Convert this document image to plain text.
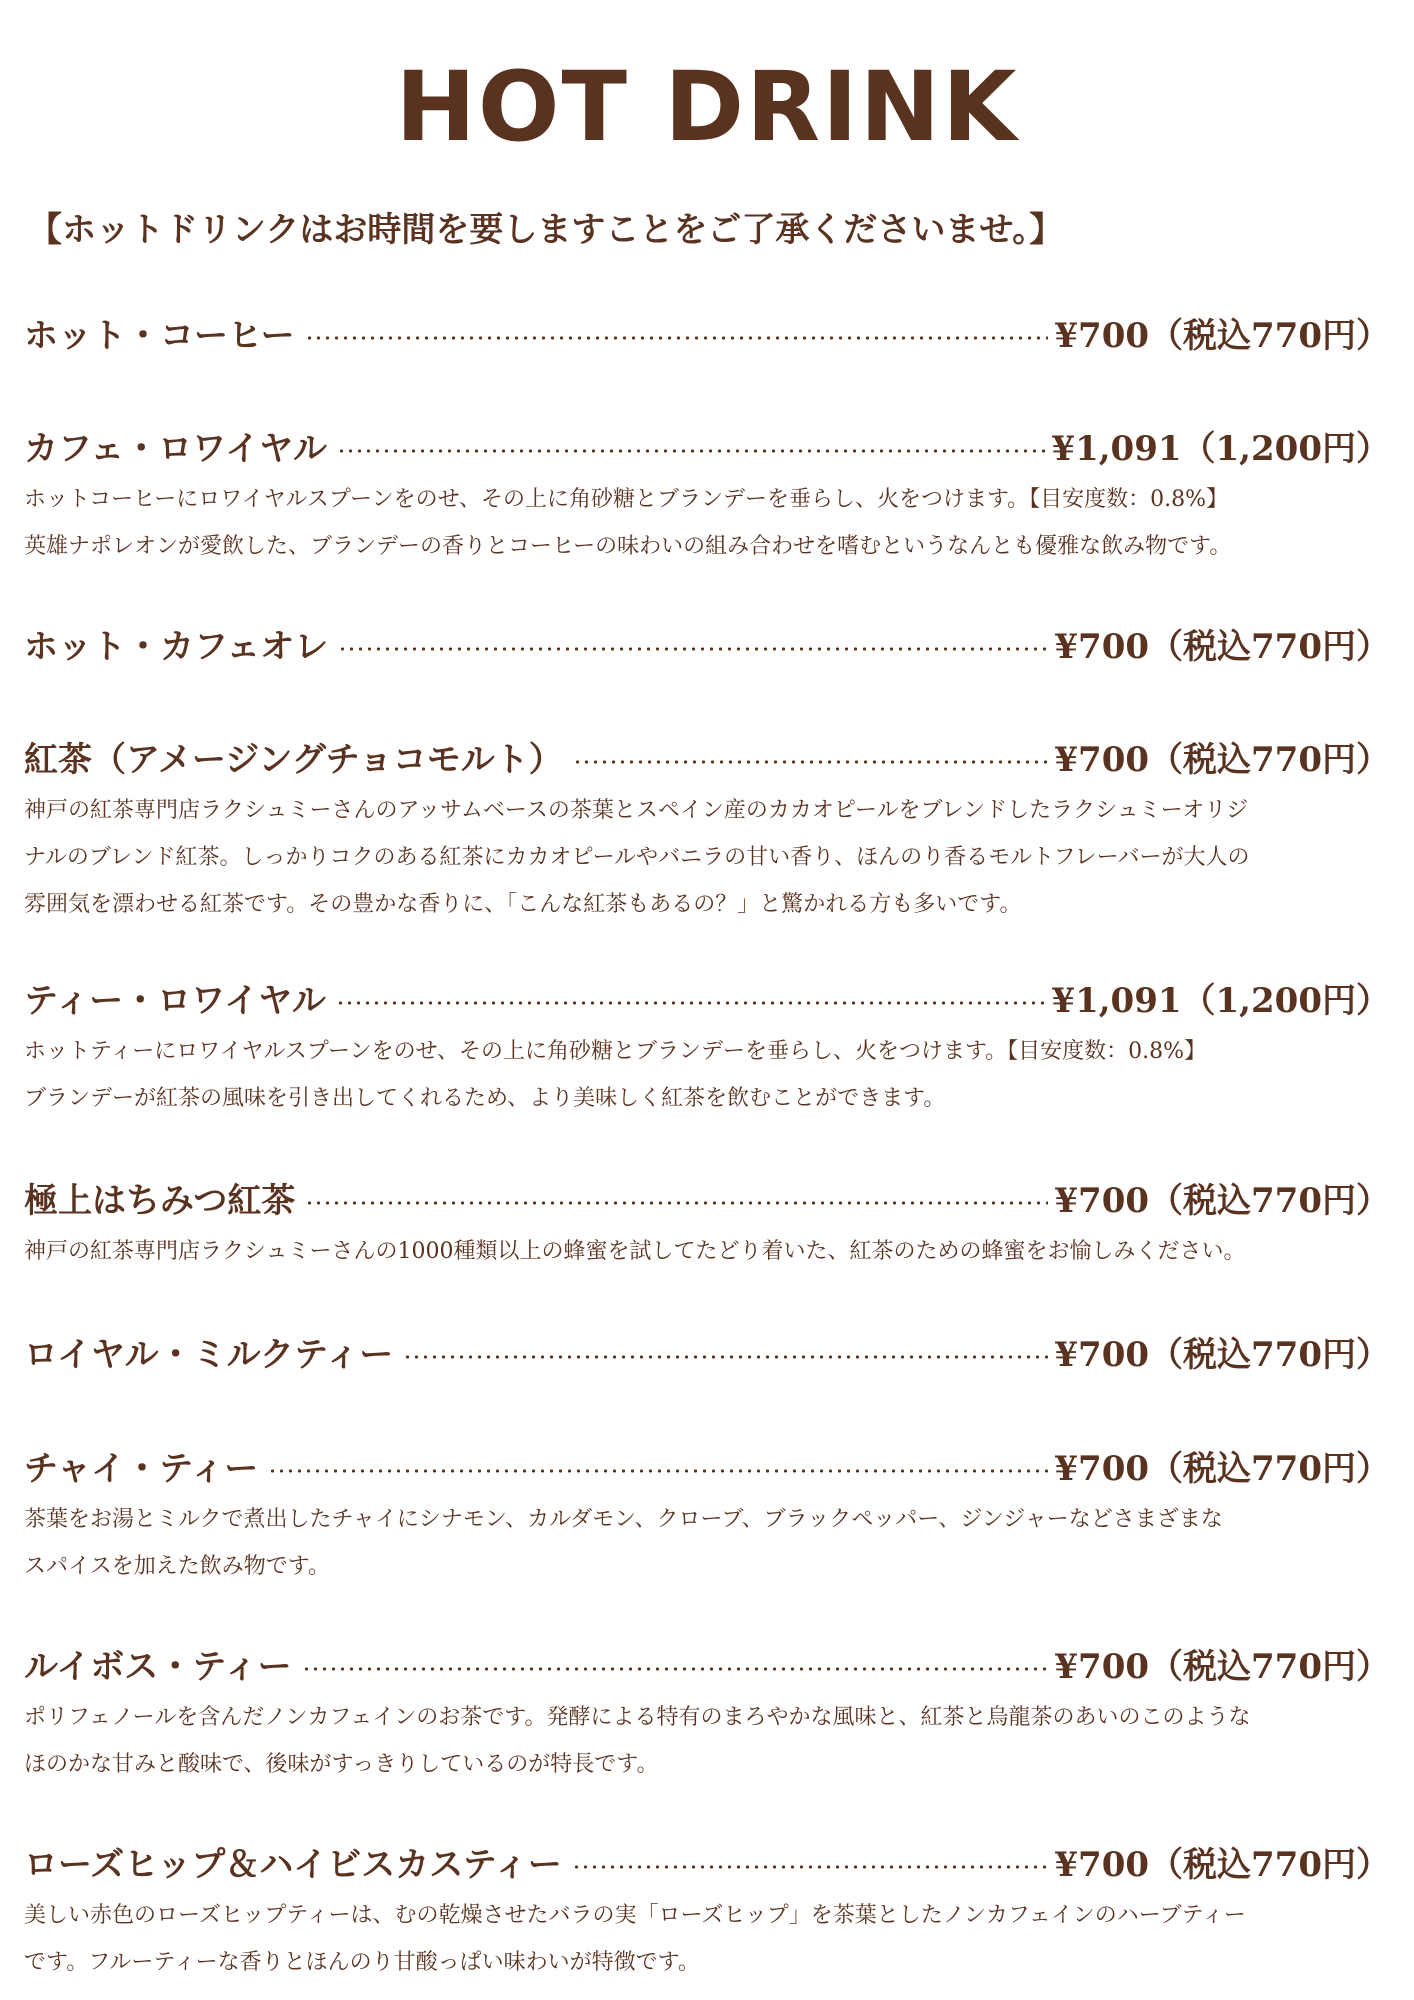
HOT DRINK
【ホットドリンクはお時間を要しますことをご了承くださいませ。】
ホット・コーヒー	¥700（税込770円）
カフェ・ロワイヤル	¥1,091（1,200円）
ホットコーヒーにロワイヤルスプーンをのせ、その上に角砂糖とブランデーを垂らし、火をつけます。【目安度数：0.8%】
英雄ナポレオンが愛飲した、ブランデーの香りとコーヒーの味わいの組み合わせを嗜むというなんとも優雅な飲み物です。
ホット・カフェオレ	¥700（税込770円）
紅茶（アメージングチョコモルト）	¥700（税込770円）
神戸の紅茶専門店ラクシュミーさんのアッサムベースの茶葉とスペイン産のカカオピールをブレンドしたラクシュミーオリジ
ナルのブレンド紅茶。しっかりコクのある紅茶にカカオピールやバニラの甘い香り、ほんのり香るモルトフレーバーが大人の
雰囲気を漂わせる紅茶です。その豊かな香りに、「こんな紅茶もあるの？」と驚かれる方も多いです。
ティー・ロワイヤル	¥1,091（1,200円）
ホットティーにロワイヤルスプーンをのせ、その上に角砂糖とブランデーを垂らし、火をつけます。【目安度数：0.8%】
ブランデーが紅茶の風味を引き出してくれるため、より美味しく紅茶を飲むことができます。
極上はちみつ紅茶	¥700（税込770円）
神戸の紅茶専門店ラクシュミーさんの1000種類以上の蜂蜜を試してたどり着いた、紅茶のための蜂蜜をお愉しみください。
ロイヤル・ミルクティー	¥700（税込770円）
チャイ・ティー	¥700（税込770円）
茶葉をお湯とミルクで煮出したチャイにシナモン、カルダモン、クローブ、ブラックペッパー、ジンジャーなどさまざまな
スパイスを加えた飲み物です。
ルイボス・ティー	¥700（税込770円）
ポリフェノールを含んだノンカフェインのお茶です。発酵による特有のまろやかな風味と、紅茶と烏龍茶のあいのこのような
ほのかな甘みと酸味で、後味がすっきりしているのが特長です。
ローズヒップ＆ハイビスカスティー	¥700（税込770円）
美しい赤色のローズヒップティーは、むの乾燥させたバラの実「ローズヒップ」を茶葉としたノンカフェインのハーブティー
です。フルーティーな香りとほんのり甘酸っぱい味わいが特徴です。
